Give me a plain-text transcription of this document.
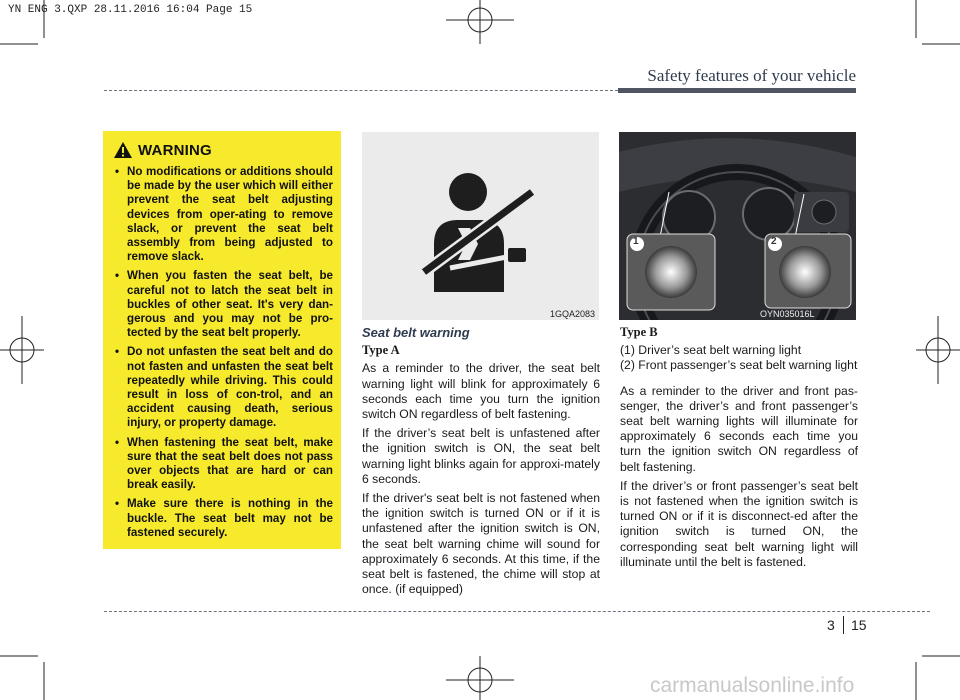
YN ENG 3.QXP 28.11.2016 16:04 Page 15
Safety features of your vehicle
WARNING
• No modifications or additions should be made by the user which will either prevent the seat belt adjusting devices from oper-ating to remove slack, or prevent the seat belt assembly from being adjusted to remove slack.
• When you fasten the seat belt, be careful not to latch the seat belt in buckles of other seat. It's very dan-gerous and you may not be pro-tected by the seat belt properly.
• Do not unfasten the seat belt and do not fasten and unfasten the seat belt repeatedly while driving. This could result in loss of con-trol, and an accident causing death, serious injury, or property damage.
• When fastening the seat belt, make sure that the seat belt does not pass over objects that are hard or can break easily.
• Make sure there is nothing in the buckle. The seat belt may not be fastened securely.
1GQA2083
1	2
OYN035016L
Seat belt warning
Type A

As a reminder to the driver, the seat belt warning light will blink for approximately 6 seconds each time you turn the ignition switch ON regardless of belt fastening.

If the driver’s seat belt is unfastened after the ignition switch is ON, the seat belt warning light blinks again for approxi-mately 6 seconds.

If the driver's seat belt is not fastened when the ignition switch is turned ON or if it is unfastened after the ignition switch is ON, the seat belt warning chime will sound for approximately 6 seconds. At this time, if the seat belt is fastened, the chime will stop at once. (if equipped)

Type B

(1) Driver’s seat belt warning light

(2) Front passenger’s seat belt warning light

As a reminder to the driver and front pas-senger, the driver’s and front passenger’s seat belt warning lights will illuminate for approximately 6 seconds each time you turn the ignition switch ON regardless of belt fastening.

If the driver’s or front passenger’s seat belt is not fastened when the ignition switch is turned ON or if it is disconnect-ed after the ignition switch is turned ON, the corresponding seat belt warning light will illuminate until the belt is fastened.

3 15
carmanualsonline.info
